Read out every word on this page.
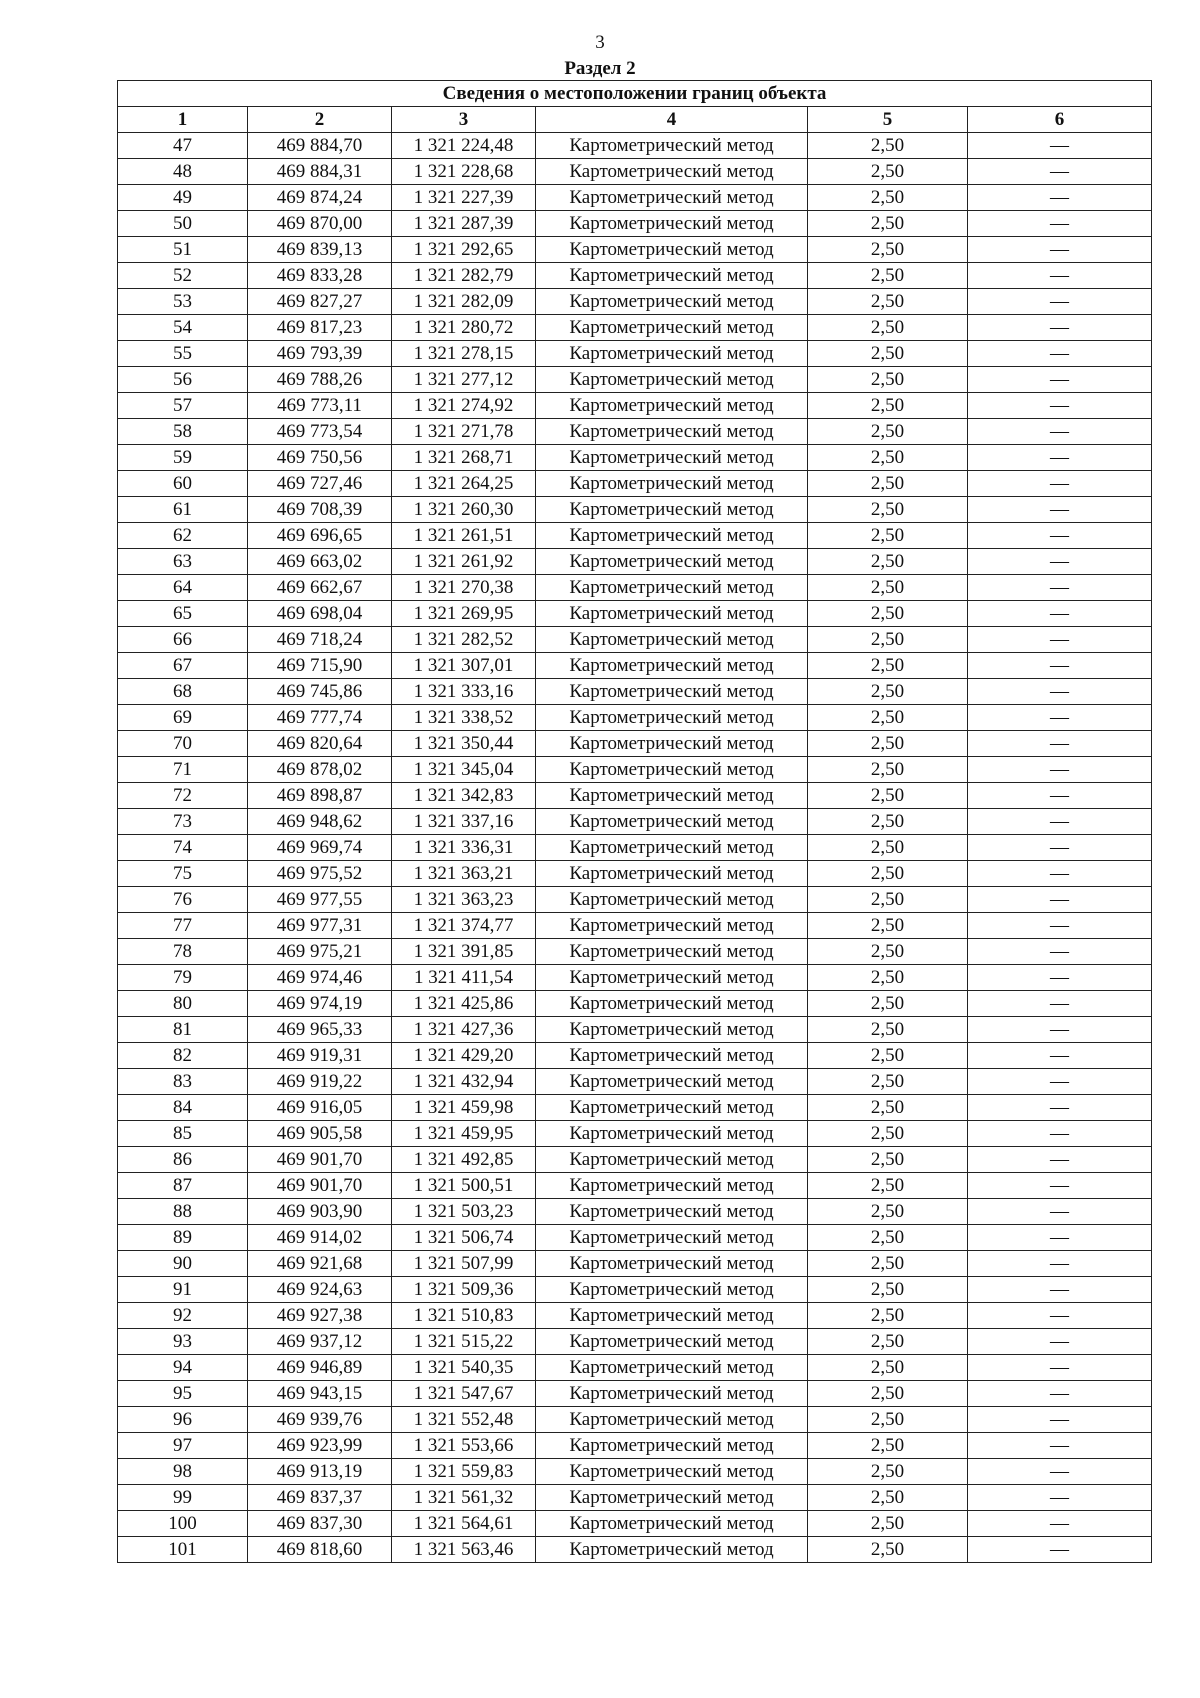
3
Раздел 2
Сведения о местоположении границ объекта					
1	2	3	4	5	6
47	469 884,70	1 321 224,48	Картометрический метод	2,50	—
48	469 884,31	1 321 228,68	Картометрический метод	2,50	—
49	469 874,24	1 321 227,39	Картометрический метод	2,50	—
50	469 870,00	1 321 287,39	Картометрический метод	2,50	—
51	469 839,13	1 321 292,65	Картометрический метод	2,50	—
52	469 833,28	1 321 282,79	Картометрический метод	2,50	—
53	469 827,27	1 321 282,09	Картометрический метод	2,50	—
54	469 817,23	1 321 280,72	Картометрический метод	2,50	—
55	469 793,39	1 321 278,15	Картометрический метод	2,50	—
56	469 788,26	1 321 277,12	Картометрический метод	2,50	—
57	469 773,11	1 321 274,92	Картометрический метод	2,50	—
58	469 773,54	1 321 271,78	Картометрический метод	2,50	—
59	469 750,56	1 321 268,71	Картометрический метод	2,50	—
60	469 727,46	1 321 264,25	Картометрический метод	2,50	—
61	469 708,39	1 321 260,30	Картометрический метод	2,50	—
62	469 696,65	1 321 261,51	Картометрический метод	2,50	—
63	469 663,02	1 321 261,92	Картометрический метод	2,50	—
64	469 662,67	1 321 270,38	Картометрический метод	2,50	—
65	469 698,04	1 321 269,95	Картометрический метод	2,50	—
66	469 718,24	1 321 282,52	Картометрический метод	2,50	—
67	469 715,90	1 321 307,01	Картометрический метод	2,50	—
68	469 745,86	1 321 333,16	Картометрический метод	2,50	—
69	469 777,74	1 321 338,52	Картометрический метод	2,50	—
70	469 820,64	1 321 350,44	Картометрический метод	2,50	—
71	469 878,02	1 321 345,04	Картометрический метод	2,50	—
72	469 898,87	1 321 342,83	Картометрический метод	2,50	—
73	469 948,62	1 321 337,16	Картометрический метод	2,50	—
74	469 969,74	1 321 336,31	Картометрический метод	2,50	—
75	469 975,52	1 321 363,21	Картометрический метод	2,50	—
76	469 977,55	1 321 363,23	Картометрический метод	2,50	—
77	469 977,31	1 321 374,77	Картометрический метод	2,50	—
78	469 975,21	1 321 391,85	Картометрический метод	2,50	—
79	469 974,46	1 321 411,54	Картометрический метод	2,50	—
80	469 974,19	1 321 425,86	Картометрический метод	2,50	—
81	469 965,33	1 321 427,36	Картометрический метод	2,50	—
82	469 919,31	1 321 429,20	Картометрический метод	2,50	—
83	469 919,22	1 321 432,94	Картометрический метод	2,50	—
84	469 916,05	1 321 459,98	Картометрический метод	2,50	—
85	469 905,58	1 321 459,95	Картометрический метод	2,50	—
86	469 901,70	1 321 492,85	Картометрический метод	2,50	—
87	469 901,70	1 321 500,51	Картометрический метод	2,50	—
88	469 903,90	1 321 503,23	Картометрический метод	2,50	—
89	469 914,02	1 321 506,74	Картометрический метод	2,50	—
90	469 921,68	1 321 507,99	Картометрический метод	2,50	—
91	469 924,63	1 321 509,36	Картометрический метод	2,50	—
92	469 927,38	1 321 510,83	Картометрический метод	2,50	—
93	469 937,12	1 321 515,22	Картометрический метод	2,50	—
94	469 946,89	1 321 540,35	Картометрический метод	2,50	—
95	469 943,15	1 321 547,67	Картометрический метод	2,50	—
96	469 939,76	1 321 552,48	Картометрический метод	2,50	—
97	469 923,99	1 321 553,66	Картометрический метод	2,50	—
98	469 913,19	1 321 559,83	Картометрический метод	2,50	—
99	469 837,37	1 321 561,32	Картометрический метод	2,50	—
100	469 837,30	1 321 564,61	Картометрический метод	2,50	—
101	469 818,60	1 321 563,46	Картометрический метод	2,50	—
